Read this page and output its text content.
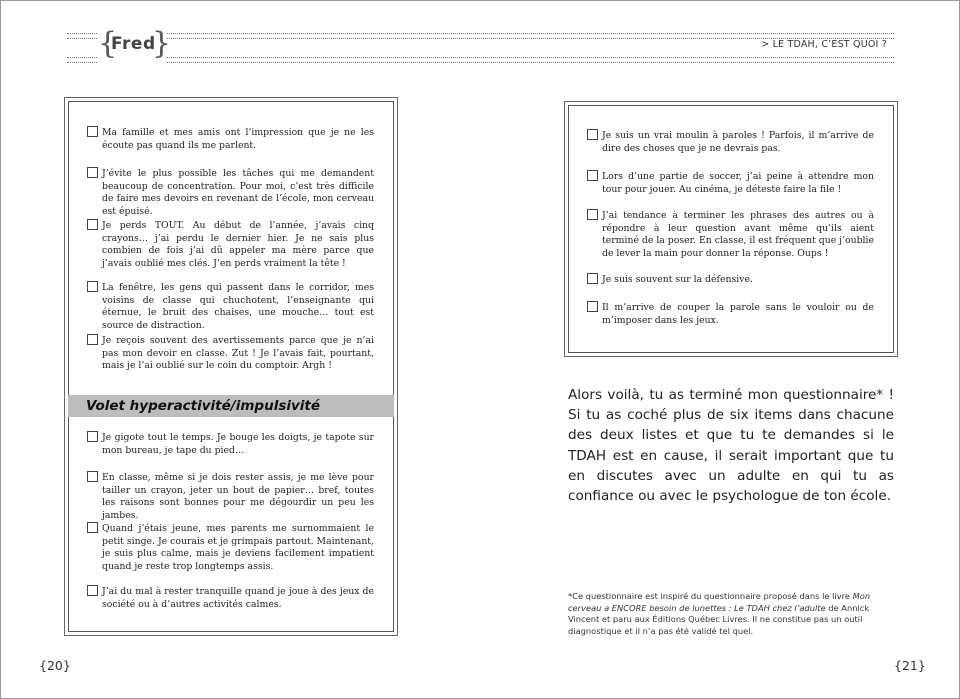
{
Fred
}	> LE TDAH, C’EST QUOI ?
Ma famille et mes amis ont l’impression que je ne les écoute pas quand ils me parlent.
J’évite le plus possible les tâches qui me demandent beaucoup de concentration. Pour moi, c’est très difficile de faire mes devoirs en revenant de l’école, mon cerveau est épuisé.
Je perds TOUT. Au début de l’année, j’avais cinq crayons… j’ai perdu le dernier hier. Je ne sais plus combien de fois j’ai dû appeler ma mère parce que j’avais oublié mes clés. J’en perds vraiment la tête !
La fenêtre, les gens qui passent dans le corridor, mes voisins de classe qui chuchotent, l’enseignante qui éternue, le bruit des chaises, une mouche… tout est source de distraction.
Je reçois souvent des avertissements parce que je n’ai pas mon devoir en classe. Zut ! Je l’avais fait, pourtant, mais je l’ai oublié sur le coin du comptoir. Argh !
Volet hyperactivité/impulsivité
Je gigote tout le temps. Je bouge les doigts, je tapote sur mon bureau, je tape du pied…
En classe, même si je dois rester assis, je me lève pour tailler un crayon, jeter un bout de papier… bref, toutes les raisons sont bonnes pour me dégourdir un peu les jambes.
Quand j’étais jeune, mes parents me surnommaient le petit singe. Je courais et je grimpais partout. Maintenant, je suis plus calme, mais je deviens facilement impatient quand je reste trop longtemps assis.
J’ai du mal à rester tranquille quand je joue à des jeux de société ou à d’autres activités calmes.
Je suis un vrai moulin à paroles ! Parfois, il m’arrive de dire des choses que je ne devrais pas.
Lors d’une partie de soccer, j’ai peine à attendre mon tour pour jouer. Au cinéma, je déteste faire la file !
J’ai tendance à terminer les phrases des autres ou à répondre à leur question avant même qu’ils aient terminé de la poser. En classe, il est fréquent que j’oublie de lever la main pour donner la réponse. Oups !
Je suis souvent sur la défensive.
Il m’arrive de couper la parole sans le vouloir ou de m’imposer dans les jeux.
Alors voilà, tu as terminé mon questionnaire* ! Si tu as coché plus de six items dans chacune des deux listes et que tu te demandes si le TDAH est en cause, il serait important que tu en discutes avec un adulte en qui tu as confiance ou avec le psychologue de ton école.
*Ce questionnaire est inspiré du questionnaire proposé dans le livre Mon cerveau a ENCORE besoin de lunettes : Le TDAH chez l’adulte de Annick Vincent et paru aux Éditions Québec Livres. Il ne constitue pas un outil diagnostique et il n’a pas été validé tel quel.
{20}	{21}
